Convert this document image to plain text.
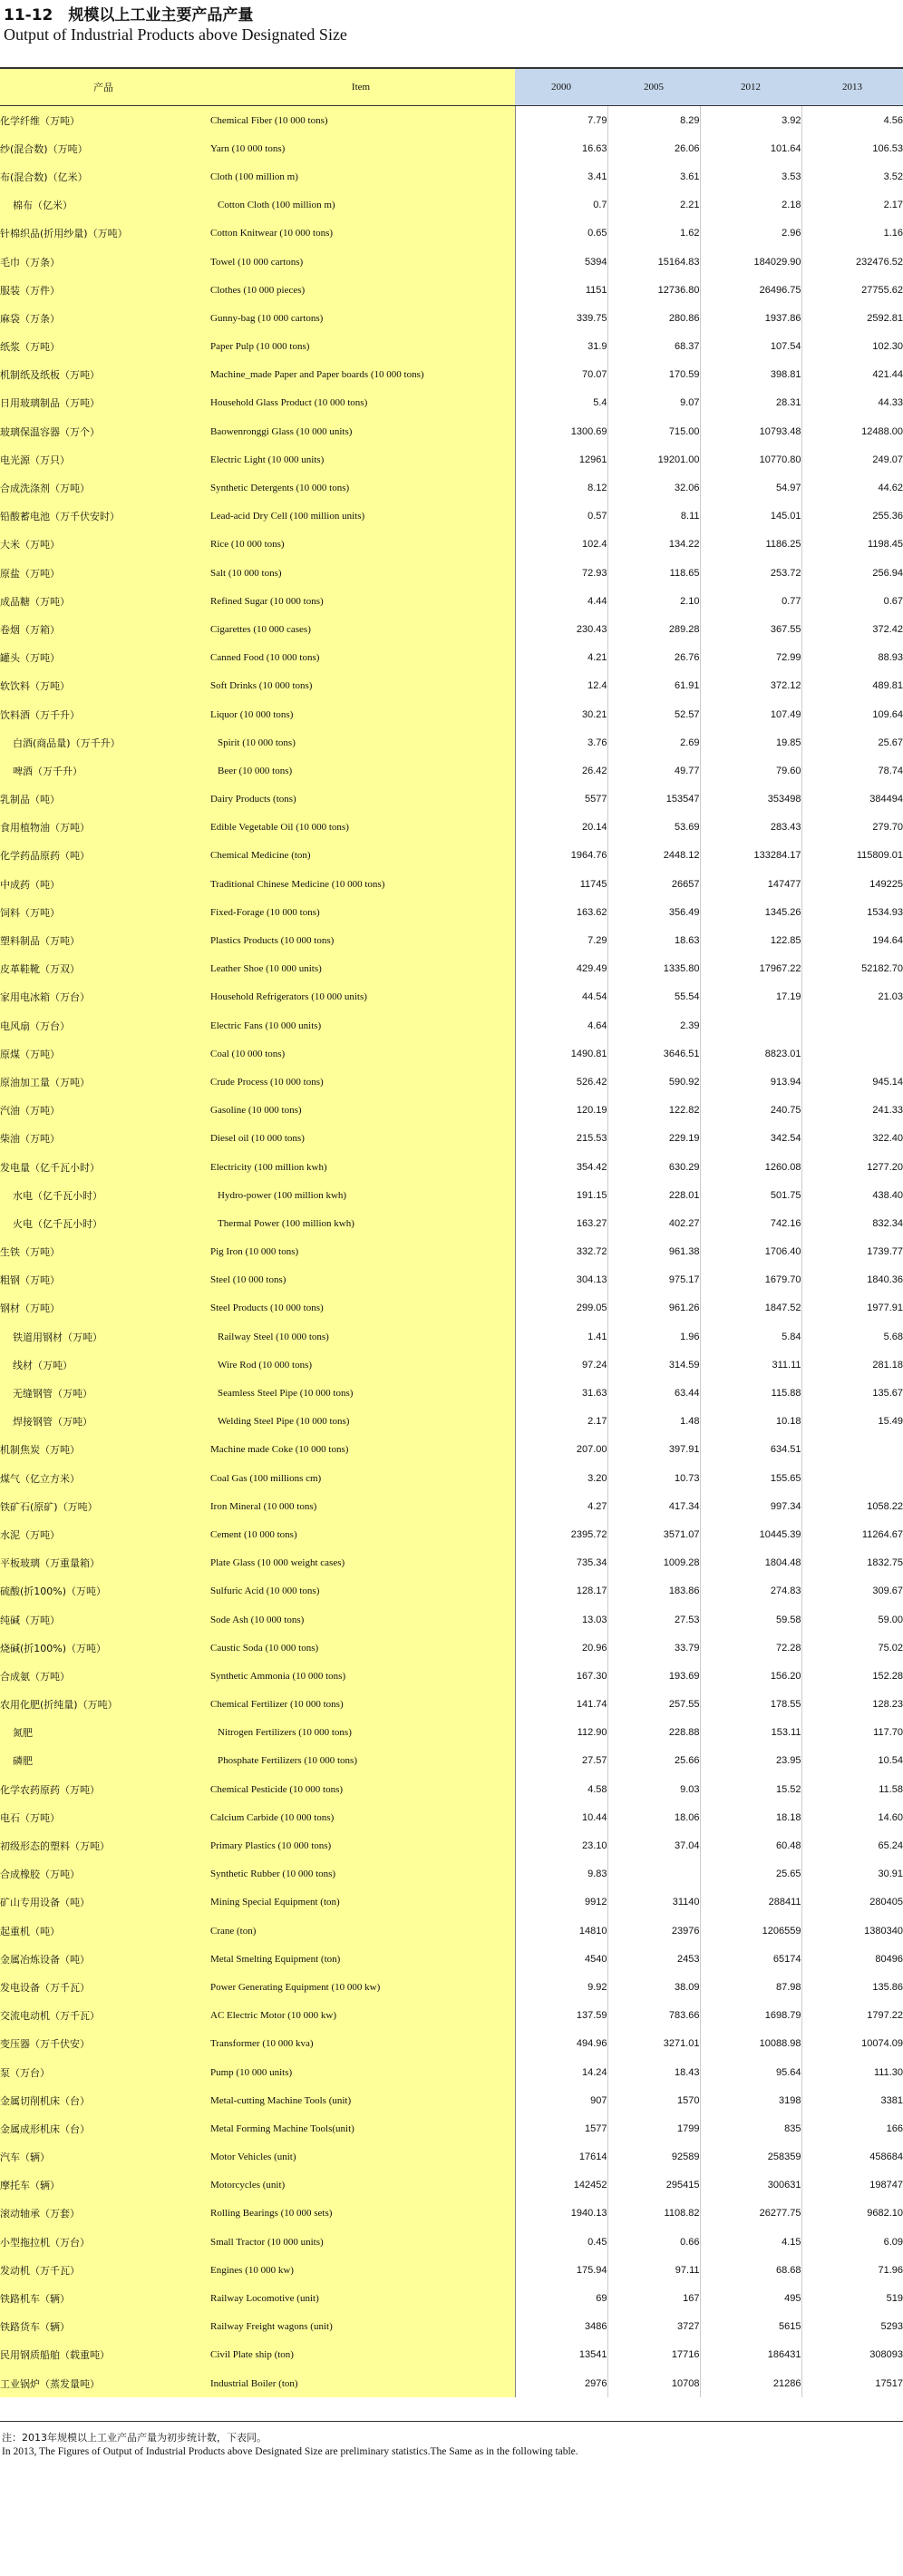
11-12　规模以上工业主要产品产量
Output of Industrial Products above Designated Size
产品	Item	2000	2005	2012	2013
化学纤维（万吨）	Chemical Fiber (10 000 tons)	7.79	8.29	3.92	4.56
纱(混合数)（万吨）	Yarn (10 000 tons)	16.63	26.06	101.64	106.53
布(混合数)（亿米）	Cloth (100 million m)	3.41	3.61	3.53	3.52
棉布（亿米）	Cotton Cloth (100 million m)	0.7	2.21	2.18	2.17
针棉织品(折用纱量)（万吨）	Cotton Knitwear (10 000 tons)	0.65	1.62	2.96	1.16
毛巾（万条）	Towel (10 000 cartons)	5394	15164.83	184029.90	232476.52
服装（万件）	Clothes (10 000 pieces)	1151	12736.80	26496.75	27755.62
麻袋（万条）	Gunny-bag (10 000 cartons)	339.75	280.86	1937.86	2592.81
纸浆（万吨）	Paper Pulp (10 000 tons)	31.9	68.37	107.54	102.30
机制纸及纸板（万吨）	Machine_made Paper and Paper boards (10 000 tons)	70.07	170.59	398.81	421.44
日用玻璃制品（万吨）	Household Glass Product (10 000 tons)	5.4	9.07	28.31	44.33
玻璃保温容器（万个）	Baowenronggi Glass (10 000 units)	1300.69	715.00	10793.48	12488.00
电光源（万只）	Electric Light (10 000 units)	12961	19201.00	10770.80	249.07
合成洗涤剂（万吨）	Synthetic Detergents (10 000 tons)	8.12	32.06	54.97	44.62
铅酸蓄电池（万千伏安时）	Lead-acid Dry Cell (100 million units)	0.57	8.11	145.01	255.36
大米（万吨）	Rice (10 000 tons)	102.4	134.22	1186.25	1198.45
原盐（万吨）	Salt (10 000 tons)	72.93	118.65	253.72	256.94
成品糖（万吨）	Refined Sugar (10 000 tons)	4.44	2.10	0.77	0.67
卷烟（万箱）	Cigarettes (10 000 cases)	230.43	289.28	367.55	372.42
罐头（万吨）	Canned Food (10 000 tons)	4.21	26.76	72.99	88.93
软饮料（万吨）	Soft Drinks (10 000 tons)	12.4	61.91	372.12	489.81
饮料酒（万千升）	Liquor (10 000 tons)	30.21	52.57	107.49	109.64
白酒(商品量)（万千升）	Spirit (10 000 tons)	3.76	2.69	19.85	25.67
啤酒（万千升）	Beer (10 000 tons)	26.42	49.77	79.60	78.74
乳制品（吨）	Dairy Products (tons)	5577	153547	353498	384494
食用植物油（万吨）	Edible Vegetable Oil (10 000 tons)	20.14	53.69	283.43	279.70
化学药品原药（吨）	Chemical Medicine (ton)	1964.76	2448.12	133284.17	115809.01
中成药（吨）	Traditional Chinese Medicine (10 000 tons)	11745	26657	147477	149225
饲料（万吨）	Fixed-Forage (10 000 tons)	163.62	356.49	1345.26	1534.93
塑料制品（万吨）	Plastics Products (10 000 tons)	7.29	18.63	122.85	194.64
皮革鞋靴（万双）	Leather Shoe (10 000 units)	429.49	1335.80	17967.22	52182.70
家用电冰箱（万台）	Household Refrigerators (10 000 units)	44.54	55.54	17.19	21.03
电风扇（万台）	Electric Fans (10 000 units)	4.64	2.39		
原煤（万吨）	Coal (10 000 tons)	1490.81	3646.51	8823.01	
原油加工量（万吨）	Crude Process (10 000 tons)	526.42	590.92	913.94	945.14
汽油（万吨）	Gasoline (10 000 tons)	120.19	122.82	240.75	241.33
柴油（万吨）	Diesel oil (10 000 tons)	215.53	229.19	342.54	322.40
发电量（亿千瓦小时）	Electricity (100 million kwh)	354.42	630.29	1260.08	1277.20
水电（亿千瓦小时）	Hydro-power (100 million kwh)	191.15	228.01	501.75	438.40
火电（亿千瓦小时）	Thermal Power (100 million kwh)	163.27	402.27	742.16	832.34
生铁（万吨）	Pig Iron (10 000 tons)	332.72	961.38	1706.40	1739.77
粗钢（万吨）	Steel (10 000 tons)	304.13	975.17	1679.70	1840.36
钢材（万吨）	Steel Products (10 000 tons)	299.05	961.26	1847.52	1977.91
铁道用钢材（万吨）	Railway Steel (10 000 tons)	1.41	1.96	5.84	5.68
线材（万吨）	Wire Rod (10 000 tons)	97.24	314.59	311.11	281.18
无缝钢管（万吨）	Seamless Steel Pipe (10 000 tons)	31.63	63.44	115.88	135.67
焊接钢管（万吨）	Welding Steel Pipe (10 000 tons)	2.17	1.48	10.18	15.49
机制焦炭（万吨）	Machine made Coke (10 000 tons)	207.00	397.91	634.51	
煤气（亿立方米）	Coal Gas (100 millions cm)	3.20	10.73	155.65	
铁矿石(原矿)（万吨）	Iron Mineral (10 000 tons)	4.27	417.34	997.34	1058.22
水泥（万吨）	Cement (10 000 tons)	2395.72	3571.07	10445.39	11264.67
平板玻璃（万重量箱）	Plate Glass (10 000 weight cases)	735.34	1009.28	1804.48	1832.75
硫酸(折100%)（万吨）	Sulfuric Acid (10 000 tons)	128.17	183.86	274.83	309.67
纯碱（万吨）	Sode Ash (10 000 tons)	13.03	27.53	59.58	59.00
烧碱(折100%)（万吨）	Caustic Soda (10 000 tons)	20.96	33.79	72.28	75.02
合成氨（万吨）	Synthetic Ammonia (10 000 tons)	167.30	193.69	156.20	152.28
农用化肥(折纯量)（万吨）	Chemical Fertilizer (10 000 tons)	141.74	257.55	178.55	128.23
氮肥	Nitrogen Fertilizers (10 000 tons)	112.90	228.88	153.11	117.70
磷肥	Phosphate Fertilizers (10 000 tons)	27.57	25.66	23.95	10.54
化学农药原药（万吨）	Chemical Pesticide (10 000 tons)	4.58	9.03	15.52	11.58
电石（万吨）	Calcium Carbide (10 000 tons)	10.44	18.06	18.18	14.60
初级形态的塑料（万吨）	Primary Plastics (10 000 tons)	23.10	37.04	60.48	65.24
合成橡胶（万吨）	Synthetic Rubber (10 000 tons)	9.83		25.65	30.91
矿山专用设备（吨）	Mining Special Equipment (ton)	9912	31140	288411	280405
起重机（吨）	Crane (ton)	14810	23976	1206559	1380340
金属冶炼设备（吨）	Metal Smelting Equipment (ton)	4540	2453	65174	80496
发电设备（万千瓦）	Power Generating Equipment (10 000 kw)	9.92	38.09	87.98	135.86
交流电动机（万千瓦）	AC Electric Motor (10 000 kw)	137.59	783.66	1698.79	1797.22
变压器（万千伏安）	Transformer (10 000 kva)	494.96	3271.01	10088.98	10074.09
泵（万台）	Pump (10 000 units)	14.24	18.43	95.64	111.30
金属切削机床（台）	Metal-cutting Machine Tools (unit)	907	1570	3198	3381
金属成形机床（台）	Metal Forming Machine Tools(unit)	1577	1799	835	166
汽车（辆）	Motor Vehicles (unit)	17614	92589	258359	458684
摩托车（辆）	Motorcycles (unit)	142452	295415	300631	198747
滚动轴承（万套）	Rolling Bearings (10 000 sets)	1940.13	1108.82	26277.75	9682.10
小型拖拉机（万台）	Small Tractor (10 000 units)	0.45	0.66	4.15	6.09
发动机（万千瓦）	Engines (10 000 kw)	175.94	97.11	68.68	71.96
铁路机车（辆）	Railway Locomotive (unit)	69	167	495	519
铁路货车（辆）	Railway Freight wagons (unit)	3486	3727	5615	5293
民用钢质船舶（载重吨）	Civil Plate ship (ton)	13541	17716	186431	308093
工业锅炉（蒸发量吨）	Industrial Boiler (ton)	2976	10708	21286	17517
注：2013年规模以上工业产品产量为初步统计数，下表同。
In 2013, The Figures of Output of Industrial Products above Designated Size are preliminary statistics.The Same as in the following table.
